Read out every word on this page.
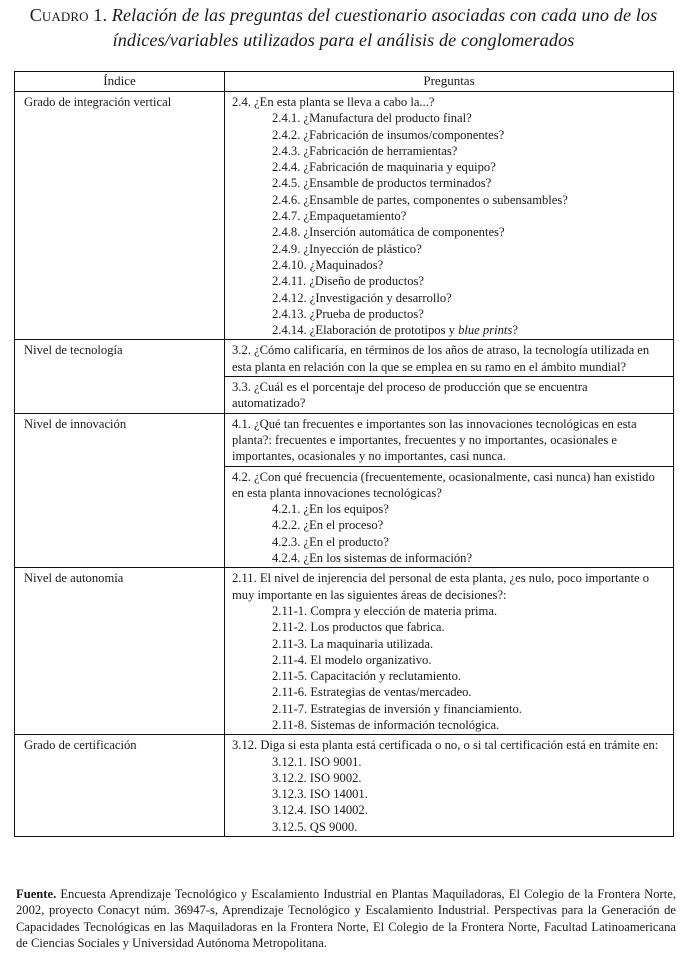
Cuadro 1. Relación de las preguntas del cuestionario asociadas con cada uno de los índices/variables utilizados para el análisis de conglomerados
Índice	Preguntas
Grado de integración vertical	2.4. ¿En esta planta se lleva a cabo la...?
2.4.1. ¿Manufactura del producto final?
2.4.2. ¿Fabricación de insumos/componentes?
2.4.3. ¿Fabricación de herramientas?
2.4.4. ¿Fabricación de maquinaria y equipo?
2.4.5. ¿Ensamble de productos terminados?
2.4.6. ¿Ensamble de partes, componentes o subensambles?
2.4.7. ¿Empaquetamiento?
2.4.8. ¿Inserción automática de componentes?
2.4.9. ¿Inyección de plástico?
2.4.10. ¿Maquinados?
2.4.11. ¿Diseño de productos?
2.4.12. ¿Investigación y desarrollo?
2.4.13. ¿Prueba de productos?
2.4.14. ¿Elaboración de prototipos y blue prints?

Nivel de tecnología	3.2. ¿Cómo calificaría, en términos de los años de atraso, la tecnología utilizada en esta planta en relación con la que se emplea en su ramo en el ámbito mundial?

	3.3. ¿Cuál es el porcentaje del proceso de producción que se encuentra automatizado?

Nivel de innovación	4.1. ¿Qué tan frecuentes e importantes son las innovaciones tecnológicas en esta planta?: frecuentes e importantes, frecuentes y no importantes, ocasionales e importantes, ocasionales y no importantes, casi nunca.

	4.2. ¿Con qué frecuencia (frecuentemente, ocasionalmente, casi nunca) han existido en esta planta innovaciones tecnológicas?
4.2.1. ¿En los equipos?
4.2.2. ¿En el proceso?
4.2.3. ¿En el producto?
4.2.4. ¿En los sistemas de información?

Nivel de autonomía	2.11. El nivel de injerencia del personal de esta planta, ¿es nulo, poco importante o muy importante en las siguientes áreas de decisiones?:
2.11-1. Compra y elección de materia prima.
2.11-2. Los productos que fabrica.
2.11-3. La maquinaria utilizada.
2.11-4. El modelo organizativo.
2.11-5. Capacitación y reclutamiento.
2.11-6. Estrategias de ventas/mercadeo.
2.11-7. Estrategias de inversión y financiamiento.
2.11-8. Sistemas de información tecnológica.

Grado de certificación	3.12. Diga si esta planta está certificada o no, o si tal certificación está en trámite en:
3.12.1. ISO 9001.
3.12.2. ISO 9002.
3.12.3. ISO 14001.
3.12.4. ISO 14002.
3.12.5. QS 9000.
Fuente. Encuesta Aprendizaje Tecnológico y Escalamiento Industrial en Plantas Maquiladoras, El Colegio de la Frontera Norte, 2002, proyecto Conacyt núm. 36947-s, Aprendizaje Tecnológico y Escalamiento Industrial. Perspectivas para la Generación de Capacidades Tecnológicas en las Maquiladoras en la Frontera Norte, El Colegio de la Frontera Norte, Facultad Latinoamericana de Ciencias Sociales y Universidad Autónoma Metropolitana.
